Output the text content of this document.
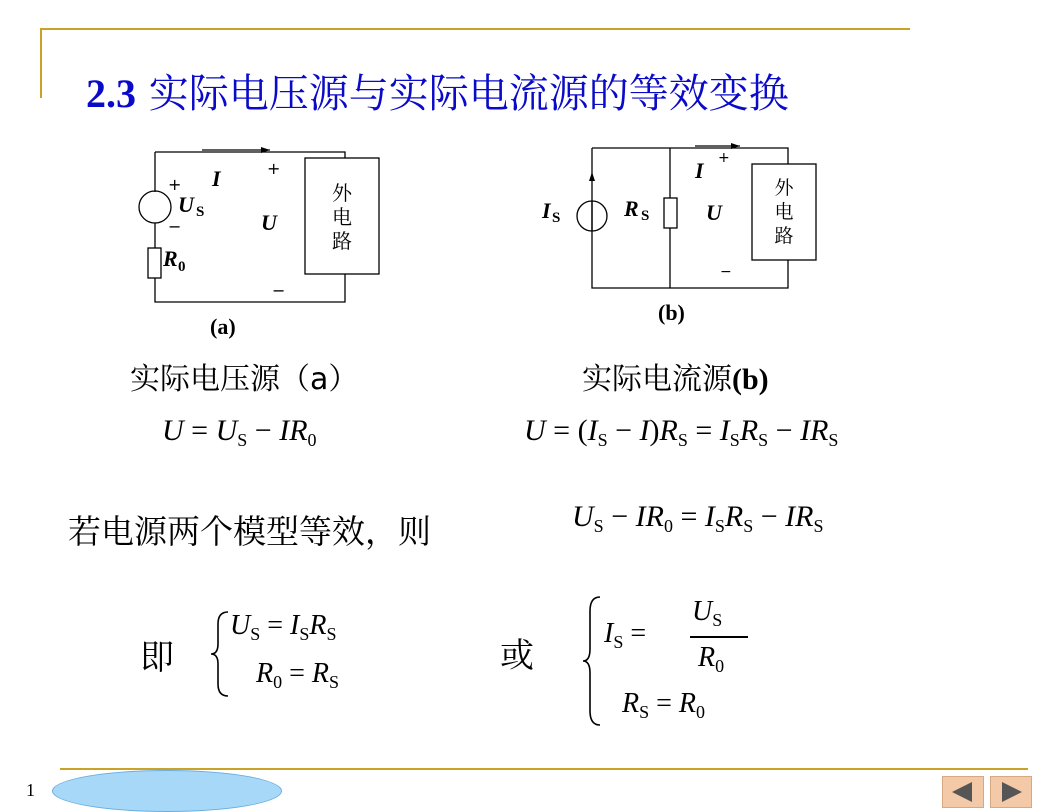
2.3 实际电压源与实际电流源的等效变换
I
U
R
U
S
0
+
−
+
−
外
电
路
(a)
I	R
I
U
S	S
+
−
外
电
路
(b)
实际电压源（a）	实际电流源(b)
$U = U_S - IR_0$	$U = (I_S - I)R_S = I_SR_S - IR_S$
若电源两个模型等效，则	$U_S - IR_0 = I_SR_S - IR_S$
即
$U_S = I_SR_S$
$R_0 = R_S$
或
$I_S$ =
$U_S$
$R_0$
$R_S = R_0$
1
